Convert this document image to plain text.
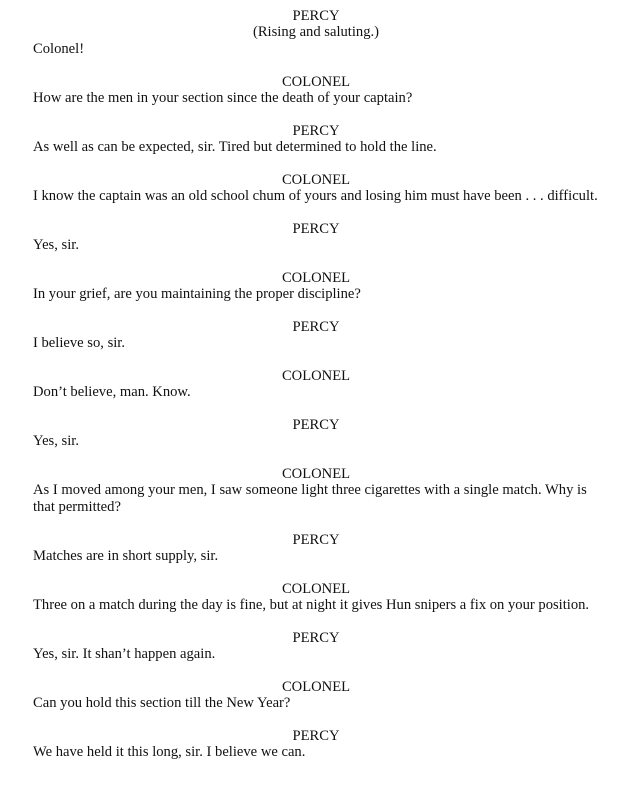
PERCY
(Rising and saluting.)
Colonel!
COLONEL
How are the men in your section since the death of your captain?
PERCY
As well as can be expected, sir. Tired but determined to hold the line.
COLONEL
I know the captain was an old school chum of yours and losing him must have been . . . difficult.
PERCY
Yes, sir.
COLONEL
In your grief, are you maintaining the proper discipline?
PERCY
I believe so, sir.
COLONEL
Don’t believe, man. Know.
PERCY
Yes, sir.
COLONEL
As I moved among your men, I saw someone light three cigarettes with a single match. Why is that permitted?
PERCY
Matches are in short supply, sir.
COLONEL
Three on a match during the day is fine, but at night it gives Hun snipers a fix on your position.
PERCY
Yes, sir. It shan’t happen again.
COLONEL
Can you hold this section till the New Year?
PERCY
We have held it this long, sir. I believe we can.
